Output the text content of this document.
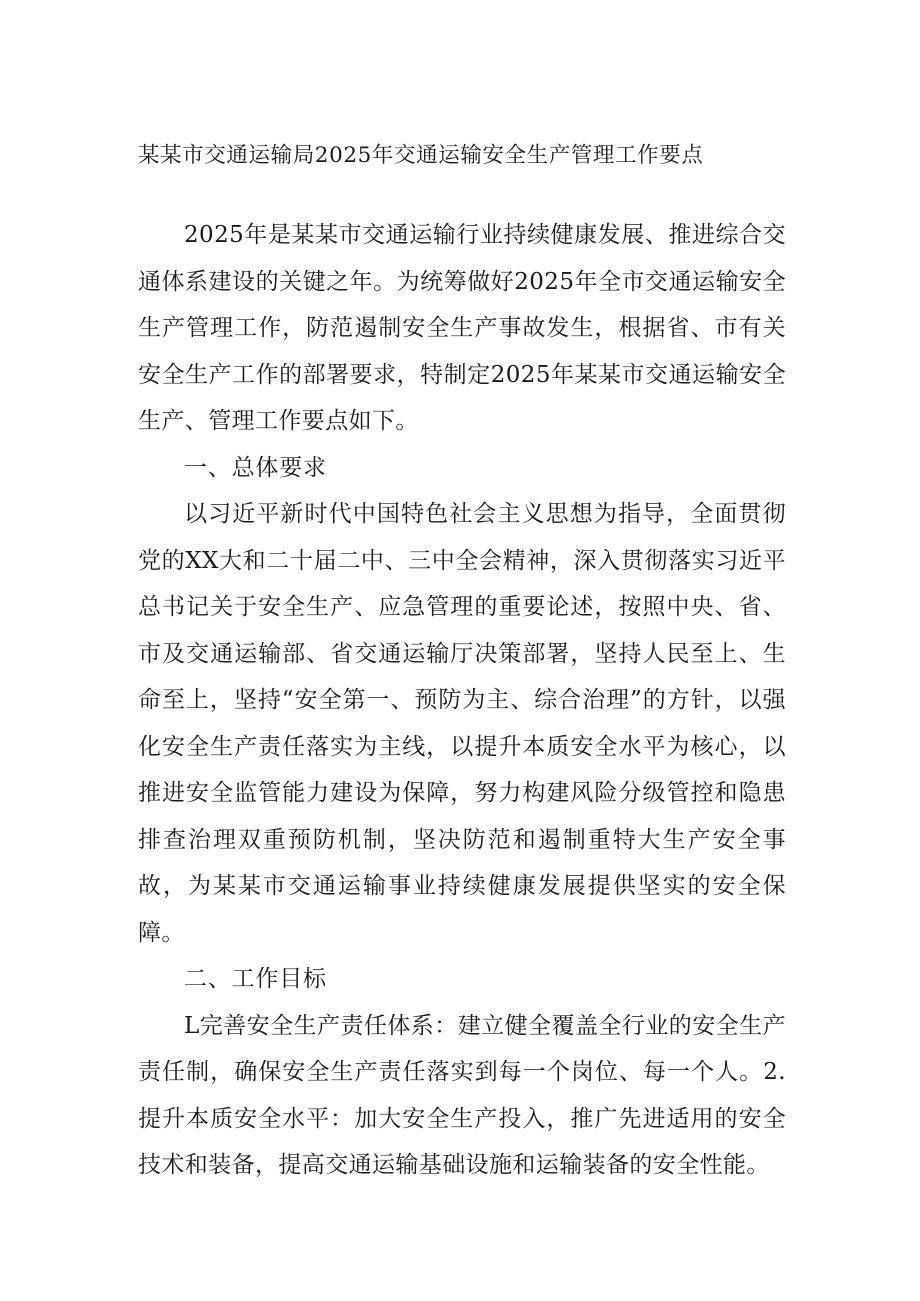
某某市交通运输局2025年交通运输安全生产管理工作要点

2025年是某某市交通运输行业持续健康发展、推进综合交通体系建设的关键之年。为统筹做好2025年全市交通运输安全生产管理工作，防范遏制安全生产事故发生，根据省、市有关安全生产工作的部署要求，特制定2025年某某市交通运输安全生产、管理工作要点如下。

一、总体要求

以习近平新时代中国特色社会主义思想为指导，全面贯彻党的XX大和二十届二中、三中全会精神，深入贯彻落实习近平总书记关于安全生产、应急管理的重要论述，按照中央、省、市及交通运输部、省交通运输厅决策部署，坚持人民至上、生命至上，坚持“安全第一、预防为主、综合治理”的方针，以强化安全生产责任落实为主线，以提升本质安全水平为核心，以推进安全监管能力建设为保障，努力构建风险分级管控和隐患排查治理双重预防机制，坚决防范和遏制重特大生产安全事故，为某某市交通运输事业持续健康发展提供坚实的安全保障。

二、工作目标

L完善安全生产责任体系：建立健全覆盖全行业的安全生产责任制，确保安全生产责任落实到每一个岗位、每一个人。2.提升本质安全水平：加大安全生产投入，推广先进适用的安全技术和装备，提高交通运输基础设施和运输装备的安全性能。
